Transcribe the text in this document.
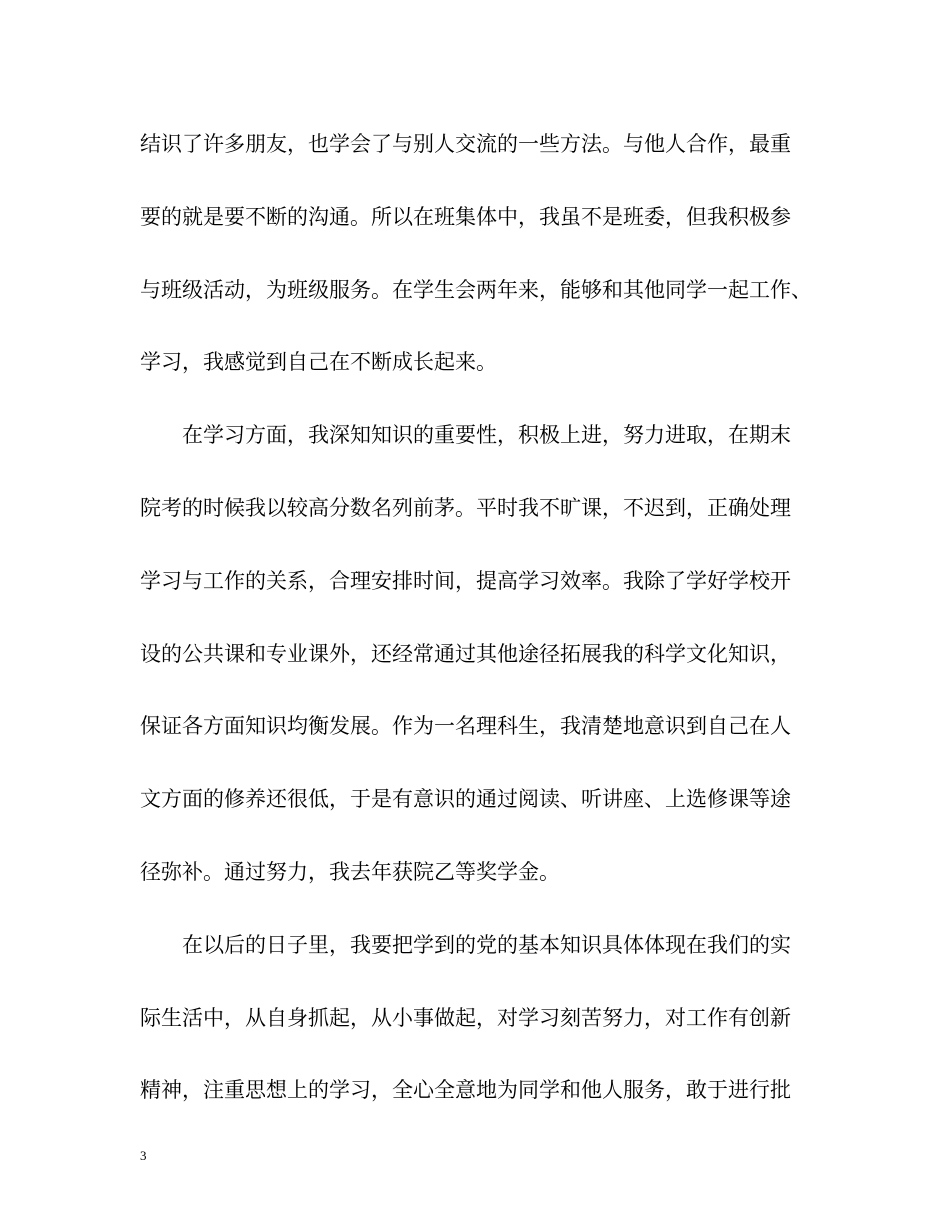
结识了许多朋友，也学会了与别人交流的一些方法。与他人合作，最重
要的就是要不断的沟通。所以在班集体中，我虽不是班委，但我积极参
与班级活动，为班级服务。在学生会两年来，能够和其他同学一起工作、
学习，我感觉到自己在不断成长起来。
在学习方面，我深知知识的重要性，积极上进，努力进取，在期末
院考的时候我以较高分数名列前茅。平时我不旷课，不迟到，正确处理
学习与工作的关系，合理安排时间，提高学习效率。我除了学好学校开
设的公共课和专业课外，还经常通过其他途径拓展我的科学文化知识，
保证各方面知识均衡发展。作为一名理科生，我清楚地意识到自己在人
文方面的修养还很低，于是有意识的通过阅读、听讲座、上选修课等途
径弥补。通过努力，我去年获院乙等奖学金。
在以后的日子里，我要把学到的党的基本知识具体体现在我们的实
际生活中，从自身抓起，从小事做起，对学习刻苦努力，对工作有创新
精神，注重思想上的学习，全心全意地为同学和他人服务，敢于进行批
3
